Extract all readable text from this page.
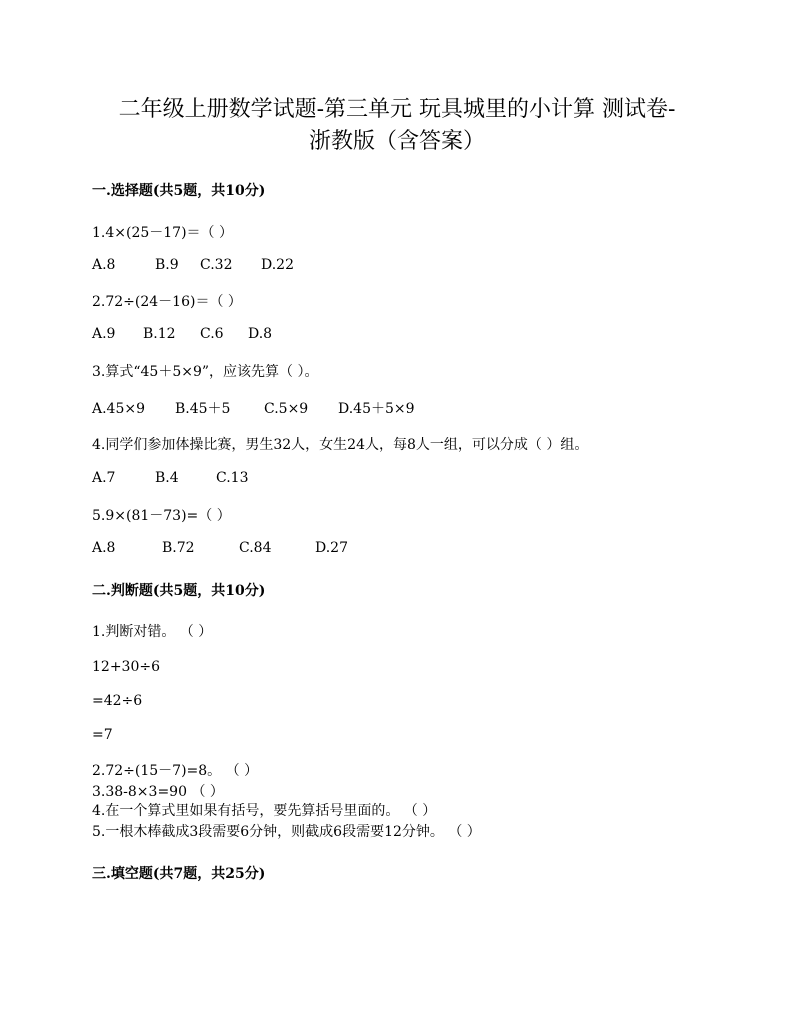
二年级上册数学试题-第三单元 玩具城里的小计算 测试卷-
浙教版（含答案）
一.选择题(共5题，共10分)
1.4×(25－17)＝（ ）
A.8	B.9 C.32 D.22
2.72÷(24－16)＝（ ）
A.9 B.12 C.6 D.8
3.算式“45＋5×9”，应该先算（ ）。
A.45×9 B.45＋5 C.5×9 D.45＋5×9
4.同学们参加体操比赛，男生32人，女生24人，每8人一组，可以分成（ ）组。
A.7	B.4	C.13
5.9×(81－73)=（ ）
A.8	B.72	C.84	D.27
二.判断题(共5题，共10分)
1.判断对错。 （ ）
12+30÷6
=42÷6
=7
2.72÷(15－7)=8。 （ ）
3.38-8×3=90 （ ）
4.在一个算式里如果有括号，要先算括号里面的。 （ ）
5.一根木棒截成3段需要6分钟，则截成6段需要12分钟。 （ ）
三.填空题(共7题，共25分)
